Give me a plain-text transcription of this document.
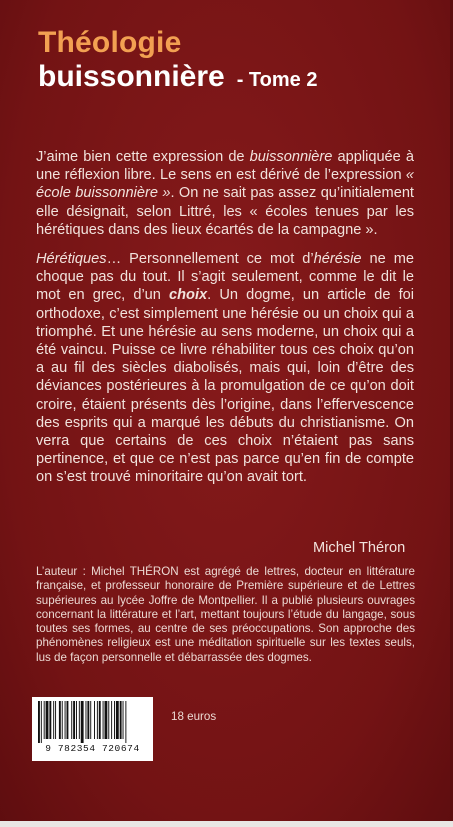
Théologie
buissonnière - Tome 2

J’aime bien cette expression de buissonnière appliquée à une réflexion libre. Le sens en est dérivé de l’expression « école buissonnière ». On ne sait pas assez qu’initialement elle désignait, selon Littré, les « écoles tenues par les hérétiques dans des lieux écartés de la campagne ».

Hérétiques… Personnellement ce mot d’hérésie ne me choque pas du tout. Il s’agit seulement, comme le dit le mot en grec, d’un choix. Un dogme, un article de foi orthodoxe, c’est simplement une hérésie ou un choix qui a triomphé. Et une hérésie au sens moderne, un choix qui a été vaincu. Puisse ce livre réhabiliter tous ces choix qu’on a au fil des siècles diabolisés, mais qui, loin d’être des déviances postérieures à la promulgation de ce qu’on doit croire, étaient présents dès l’origine, dans l’effervescence des esprits qui a marqué les débuts du christianisme. On verra que certains de ces choix n’étaient pas sans pertinence, et que ce n’est pas parce qu’en fin de compte on s’est trouvé minoritaire qu’on avait tort.

Michel Théron
L’auteur : Michel THÉRON est agrégé de lettres, docteur en littérature française, et professeur honoraire de Première supérieure et de Lettres supérieures au lycée Joffre de Montpellier. Il a publié plusieurs ouvrages concernant la littérature et l’art, mettant toujours l’étude du langage, sous toutes ses formes, au centre de ses préoccupations. Son approche des phénomènes religieux est une méditation spirituelle sur les textes seuls, lus de façon personnelle et débarrassée des dogmes.
9 782354 720674
18 euros
